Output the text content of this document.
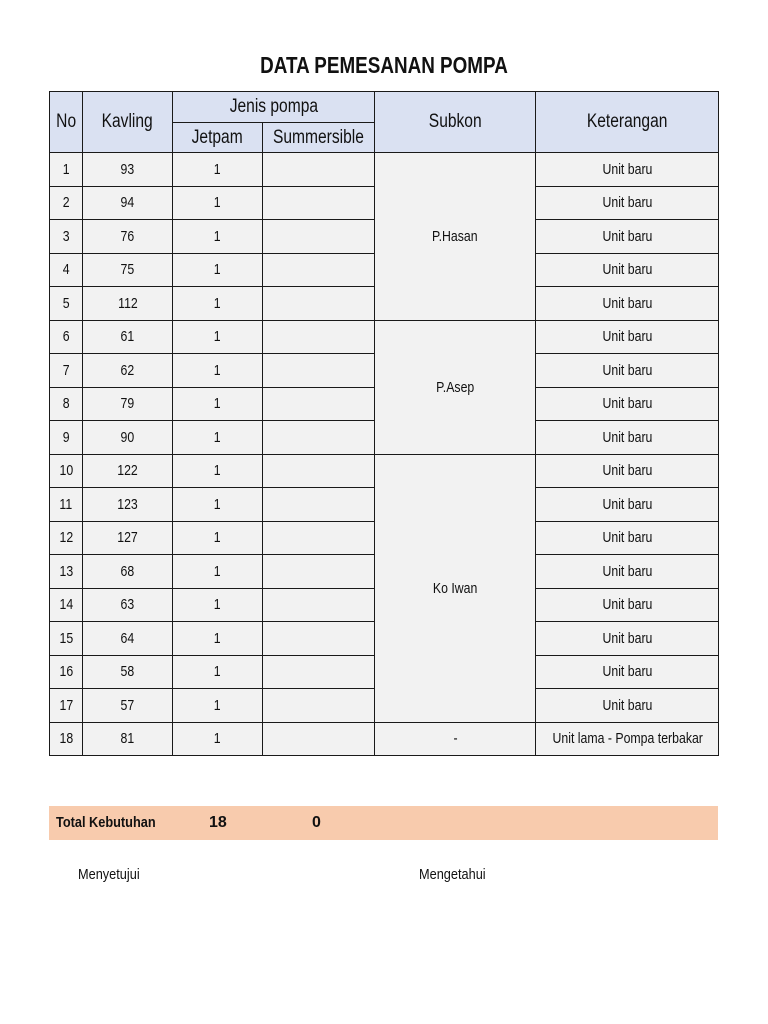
DATA PEMESANAN POMPA
No	Kavling	Jenis pompa		Subkon	Keterangan
		Jetpam	Summersible		
1	93	1		P.Hasan	Unit baru
2	94	1			Unit baru
3	76	1			Unit baru
4	75	1			Unit baru
5	112	1			Unit baru
6	61	1		P.Asep	Unit baru
7	62	1			Unit baru
8	79	1			Unit baru
9	90	1			Unit baru
10	122	1		Ko Iwan	Unit baru
11	123	1			Unit baru
12	127	1			Unit baru
13	68	1			Unit baru
14	63	1			Unit baru
15	64	1			Unit baru
16	58	1			Unit baru
17	57	1			Unit baru
18	81	1		-	Unit lama - Pompa terbakar
Total Kebutuhan	18	0
Menyetujui	Mengetahui
